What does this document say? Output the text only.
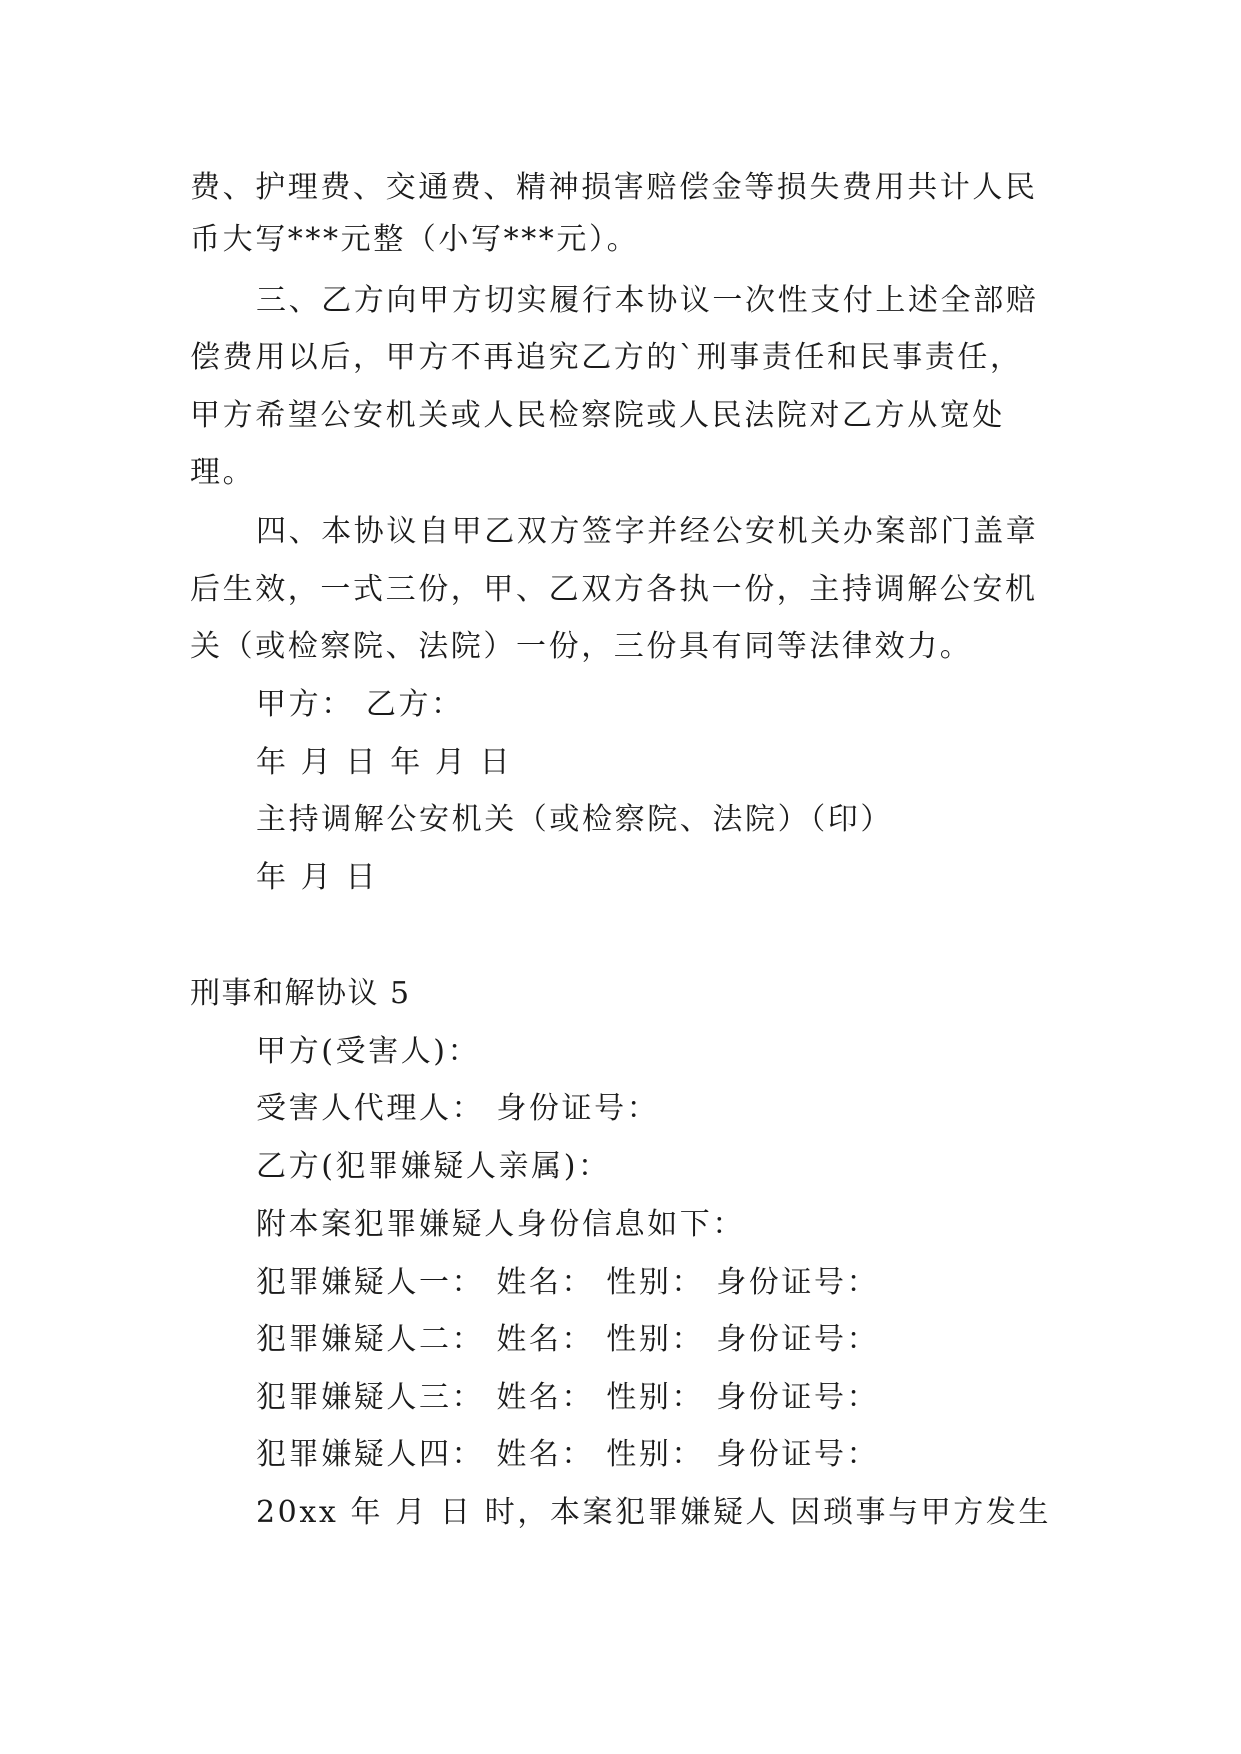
费、护理费、交通费、精神损害赔偿金等损失费用共计人民
币大写***元整（小写***元）。
三、乙方向甲方切实履行本协议一次性支付上述全部赔
偿费用以后，甲方不再追究乙方的`刑事责任和民事责任，
甲方希望公安机关或人民检察院或人民法院对乙方从宽处
理。
四、本协议自甲乙双方签字并经公安机关办案部门盖章
后生效，一式三份，甲、乙双方各执一份，主持调解公安机
关（或检察院、法院）一份，三份具有同等法律效力。
甲方： 乙方：
年 月 日 年 月 日
主持调解公安机关（或检察院、法院）（印）
年 月 日
刑事和解协议 5
甲方(受害人)：
受害人代理人： 身份证号：
乙方(犯罪嫌疑人亲属)：
附本案犯罪嫌疑人身份信息如下：
犯罪嫌疑人一： 姓名： 性别： 身份证号：
犯罪嫌疑人二： 姓名： 性别： 身份证号：
犯罪嫌疑人三： 姓名： 性别： 身份证号：
犯罪嫌疑人四： 姓名： 性别： 身份证号：
20xx 年 月 日 时，本案犯罪嫌疑人 因琐事与甲方发生
